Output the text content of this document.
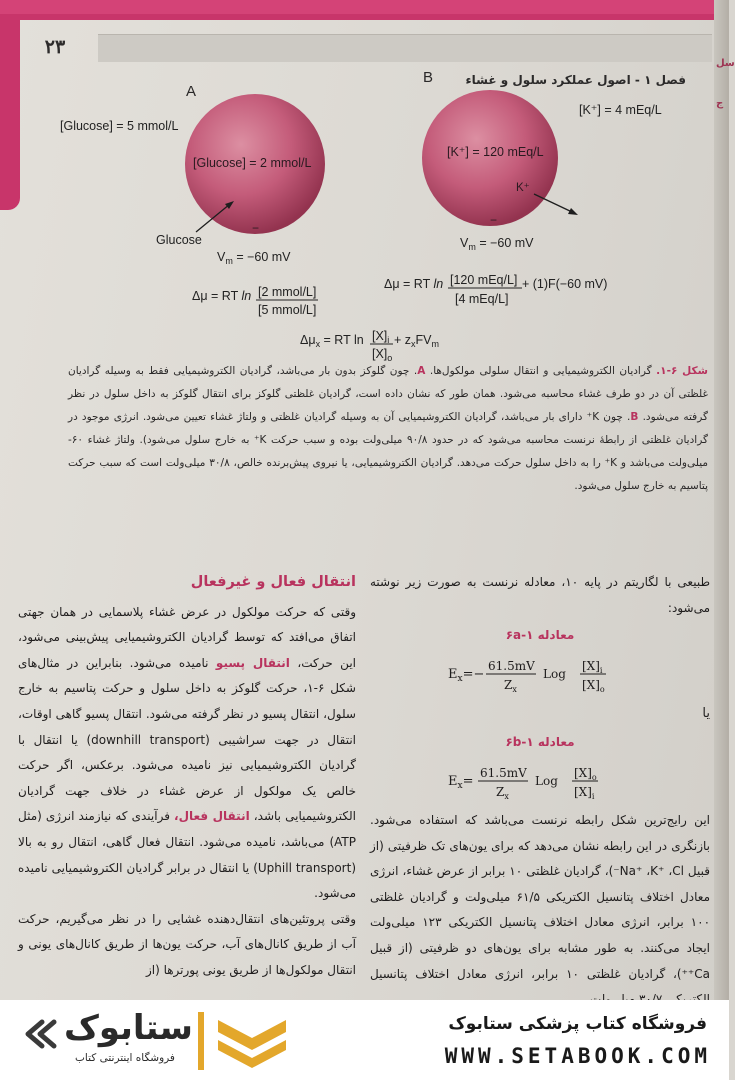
سل
ج
فصل ۱ - اصول عملکرد سلول و غشاء
۲۳
A
[Glucose] = 5 mmol/L
[Glucose] = 2 mmol/L
−
Glucose
$V_m = -60$ mV
Δμ = RT ln [2 mmol/L]
[5 mmol/L]
B
[K⁺] = 4 mEq/L
[K⁺] = 120 mEq/L
−
K⁺
$V_m = -60$ mV
Δμ = RT ln [120 mEq/L]
[4 mEq/L]
+ (1)F(−60 mV)
$\Delta\mu_x$ = RT $\ln [X]_i$
$[X]_o$
+ $z_xFV_m$
شکل ۶-۱. گرادیان الکتروشیمیایی و انتقال سلولی مولکول‌ها. A. چون گلوکز بدون بار می‌باشد، گرادیان الکتروشیمیایی فقط به وسیله گرادیان غلظتی آن در دو طرف غشاء محاسبه می‌شود. همان طور که نشان داده است، گرادیان غلظتی گلوکز برای انتقال گلوکز به داخل سلول در نظر گرفته می‌شود. B. چون K⁺ دارای بار می‌باشد، گرادیان الکتروشیمیایی آن به وسیله گرادیان غلظتی و ولتاژ غشاء تعیین می‌شود. انرژی موجود در گرادیان غلظتی از رابطهٔ نرنست محاسبه می‌شود که در حدود ۹۰/۸ میلی‌ولت بوده و سبب حرکت K⁺ به خارج سلول می‌شود). ولتاژ غشاء ۶۰- میلی‌ولت می‌باشد و K⁺ را به داخل سلول حرکت می‌دهد. گرادیان الکتروشیمیایی، یا نیروی پیش‌برنده خالص، ۳۰/۸ میلی‌ولت است که سبب حرکت پتاسیم به خارج سلول می‌شود.

طبیعی با لگاریتم در پایه ۱۰، معادله نرنست به صورت زیر نوشته می‌شود:

معادله ۱-۶a
$E_x=-$
61.5mV
$Z_x$
Log
$[X]_i$
$[X]_o$
یا
معادله ۱-۶b
$E_x=$
61.5mV
$Z_x$
Log
$[X]_o$
$[X]_i$

این رایج‌ترین شکل رابطه نرنست می‌باشد که استفاده می‌شود. بازنگری در این رابطه نشان می‌دهد که برای یون‌های تک ظرفیتی (از قبیل Na⁺ ،K⁺ ،Cl⁻)، گرادیان غلظتی ۱۰ برابر از عرض غشاء، انرژی معادل اختلاف پتانسیل الکتریکی ۶۱/۵ میلی‌ولت و گرادیان غلظتی ۱۰۰ برابر، انرژی معادل اختلاف پتانسیل الکتریکی ۱۲۳ میلی‌ولت ایجاد می‌کنند. به طور مشابه برای یون‌های دو ظرفیتی (از قبیل Ca⁺⁺)، گرادیان غلظتی ۱۰ برابر، انرژی معادل اختلاف پتانسیل

انتقال فعال و غیرفعال

وقتی که حرکت مولکول در عرض غشاء پلاسمایی در همان جهتی اتفاق می‌افتد که توسط گرادیان الکتروشیمیایی پیش‌بینی می‌شود، این حرکت، انتقال پسیو نامیده می‌شود. بنابراین در مثال‌های شکل ۶-۱، حرکت گلوکز به داخل سلول و حرکت پتاسیم به خارج سلول، انتقال پسیو در نظر گرفته می‌شود. انتقال پسیو گاهی اوقات، انتقال در جهت سراشیبی (downhill transport) یا انتقال با گرادیان الکتروشیمیایی نیز نامیده می‌شود. برعکس، اگر حرکت خالص یک مولکول از عرض غشاء در خلاف جهت گرادیان الکتروشیمیایی باشد، انتقال فعال، فرآیندی که نیازمند انرژی (مثل ATP) می‌باشد، نامیده می‌شود. انتقال فعال گاهی، انتقال رو به بالا (Uphill transport) یا انتقال در برابر گرادیان الکتروشیمیایی نامیده می‌شود.

وقتی پروتئین‌های انتقال‌دهنده غشایی را در نظر می‌گیریم، حرکت آب از طریق کانال‌های آب، حرکت یون‌ها از طریق کانال‌های یونی و انتقال مولکول‌ها از طریق یونی پورترها (از

ستابوک
فروشگاه اینترنتی کتاب
فروشگاه کتاب پزشکی ستابوک
WWW.SETABOOK.COM
